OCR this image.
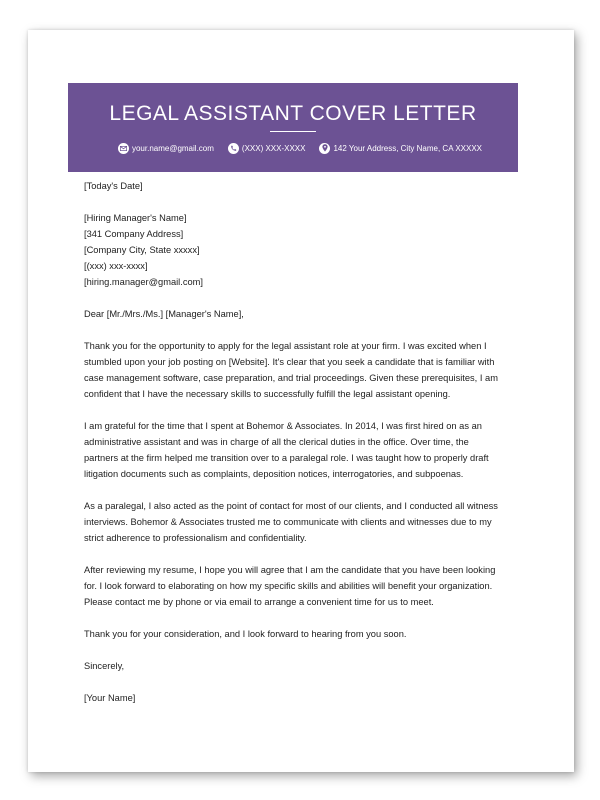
LEGAL ASSISTANT COVER LETTER
your.name@gmail.com	(XXX) XXX-XXXX	142 Your Address, City Name, CA XXXXX
[Today's Date]
[Hiring Manager's Name]
[341 Company Address]
[Company City, State xxxxx]
[(xxx) xxx-xxxx]
[hiring.manager@gmail.com]
Dear [Mr./Mrs./Ms.] [Manager's Name],
Thank you for the opportunity to apply for the legal assistant role at your firm. I was excited when I
stumbled upon your job posting on [Website]. It's clear that you seek a candidate that is familiar with
case management software, case preparation, and trial proceedings. Given these prerequisites, I am
confident that I have the necessary skills to successfully fulfill the legal assistant opening.
I am grateful for the time that I spent at Bohemor & Associates. In 2014, I was first hired on as an
administrative assistant and was in charge of all the clerical duties in the office. Over time, the
partners at the firm helped me transition over to a paralegal role. I was taught how to properly draft
litigation documents such as complaints, deposition notices, interrogatories, and subpoenas.
As a paralegal, I also acted as the point of contact for most of our clients, and I conducted all witness
interviews. Bohemor & Associates trusted me to communicate with clients and witnesses due to my
strict adherence to professionalism and confidentiality.
After reviewing my resume, I hope you will agree that I am the candidate that you have been looking
for. I look forward to elaborating on how my specific skills and abilities will benefit your organization.
Please contact me by phone or via email to arrange a convenient time for us to meet.
Thank you for your consideration, and I look forward to hearing from you soon.
Sincerely,
[Your Name]
